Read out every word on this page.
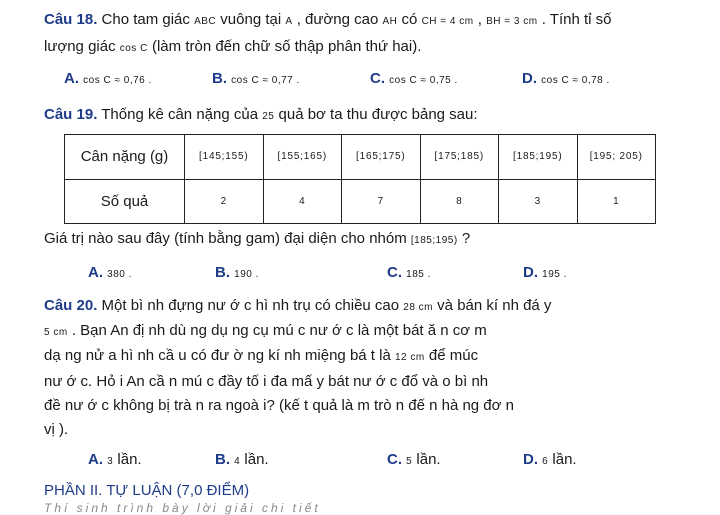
Câu 18. Cho tam giác ABC vuông tại A , đường cao AH có CH = 4 cm , BH = 3 cm . Tính tỉ số
lượng giác cos C (làm tròn đến chữ số thập phân thứ hai).
A. cos C ≈ 0,76 .	B. cos C ≈ 0,77 .	C. cos C ≈ 0,75 .	D. cos C ≈ 0,78 .
Câu 19. Thống kê cân nặng của 25 quả bơ ta thu được bảng sau:
Cân nặng (g)	[145;155)	[155;165)	[165;175)	[175;185)	[185;195)	[195; 205)
Số quả	2	4	7	8	3	1
Giá trị nào sau đây (tính bằng gam) đại diện cho nhóm [185;195) ?
A. 380 .	B. 190 .	C. 185 .	D. 195 .
Câu 20. Một bì nh đựng nư ớ c hì nh trụ có chiều cao 28 cm và bán kí nh đá y
5 cm . Bạn An đị nh dù ng dụ ng cụ mú c nư ớ c là một bát ă n cơ m
dạ ng nử a hì nh cầ u có đư ờ ng kí nh miệng bá t là 12 cm để múc
nư ớ c. Hỏ i An cầ n mú c đầy tố i đa mấ y bát nư ớ c đổ và o bì nh
đề nư ớ c không bị trà n ra ngoà i? (kế t quả là m trò n đế n hà ng đơ n
vị ).
A. 3 lần.	B. 4 lần.	C. 5 lần.	D. 6 lần.
PHẦN II. TỰ LUẬN (7,0 ĐIỂM)
Thí sinh trình bày lời giải chi tiết
